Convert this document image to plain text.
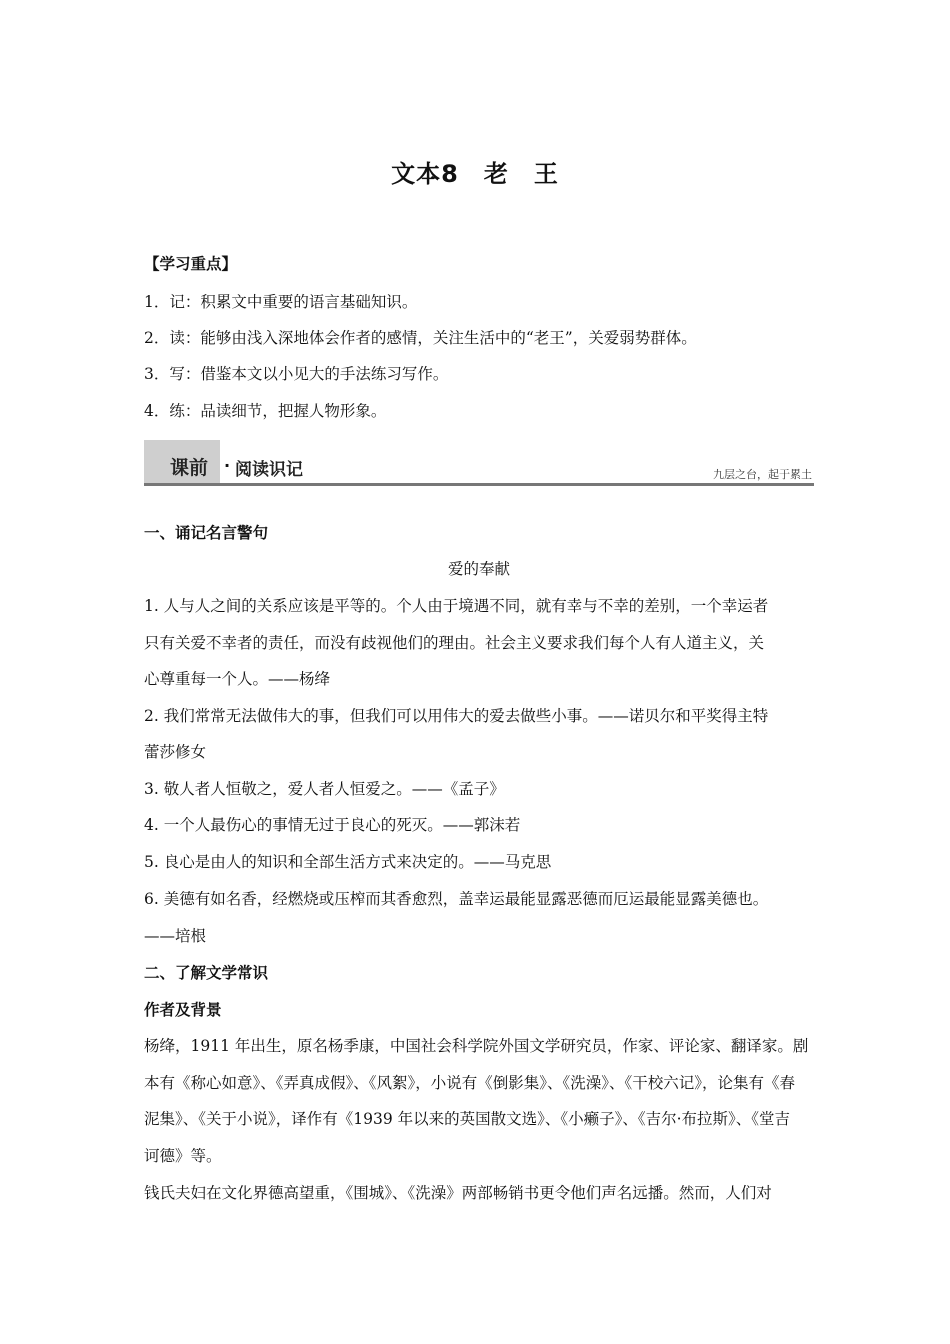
文本8　老　王
【学习重点】
1．记：积累文中重要的语言基础知识。
2．读：能够由浅入深地体会作者的感情，关注生活中的“老王”，关爱弱势群体。
3．写：借鉴本文以小见大的手法练习写作。
4．练：品读细节，把握人物形象。
课前 · 阅读识记	九层之台，起于累土
一、诵记名言警句
爱的奉献
1. 人与人之间的关系应该是平等的。个人由于境遇不同，就有幸与不幸的差别，一个幸运者
只有关爱不幸者的责任，而没有歧视他们的理由。社会主义要求我们每个人有人道主义，关
心尊重每一个人。——杨绛
2. 我们常常无法做伟大的事，但我们可以用伟大的爱去做些小事。——诺贝尔和平奖得主特
蕾莎修女
3. 敬人者人恒敬之，爱人者人恒爱之。——《孟子》
4. 一个人最伤心的事情无过于良心的死灭。——郭沫若
5. 良心是由人的知识和全部生活方式来决定的。——马克思
6. 美德有如名香，经燃烧或压榨而其香愈烈，盖幸运最能显露恶德而厄运最能显露美德也。
——培根
二、了解文学常识
作者及背景
杨绛，1911 年出生，原名杨季康，中国社会科学院外国文学研究员，作家、评论家、翻译家。剧
本有《称心如意》、《弄真成假》、《风絮》，小说有《倒影集》、《洗澡》、《干校六记》，论集有《春
泥集》、《关于小说》，译作有《1939 年以来的英国散文选》、《小癞子》、《吉尔·布拉斯》、《堂吉
诃德》等。
钱氏夫妇在文化界德高望重，《围城》、《洗澡》两部畅销书更令他们声名远播。然而，人们对
